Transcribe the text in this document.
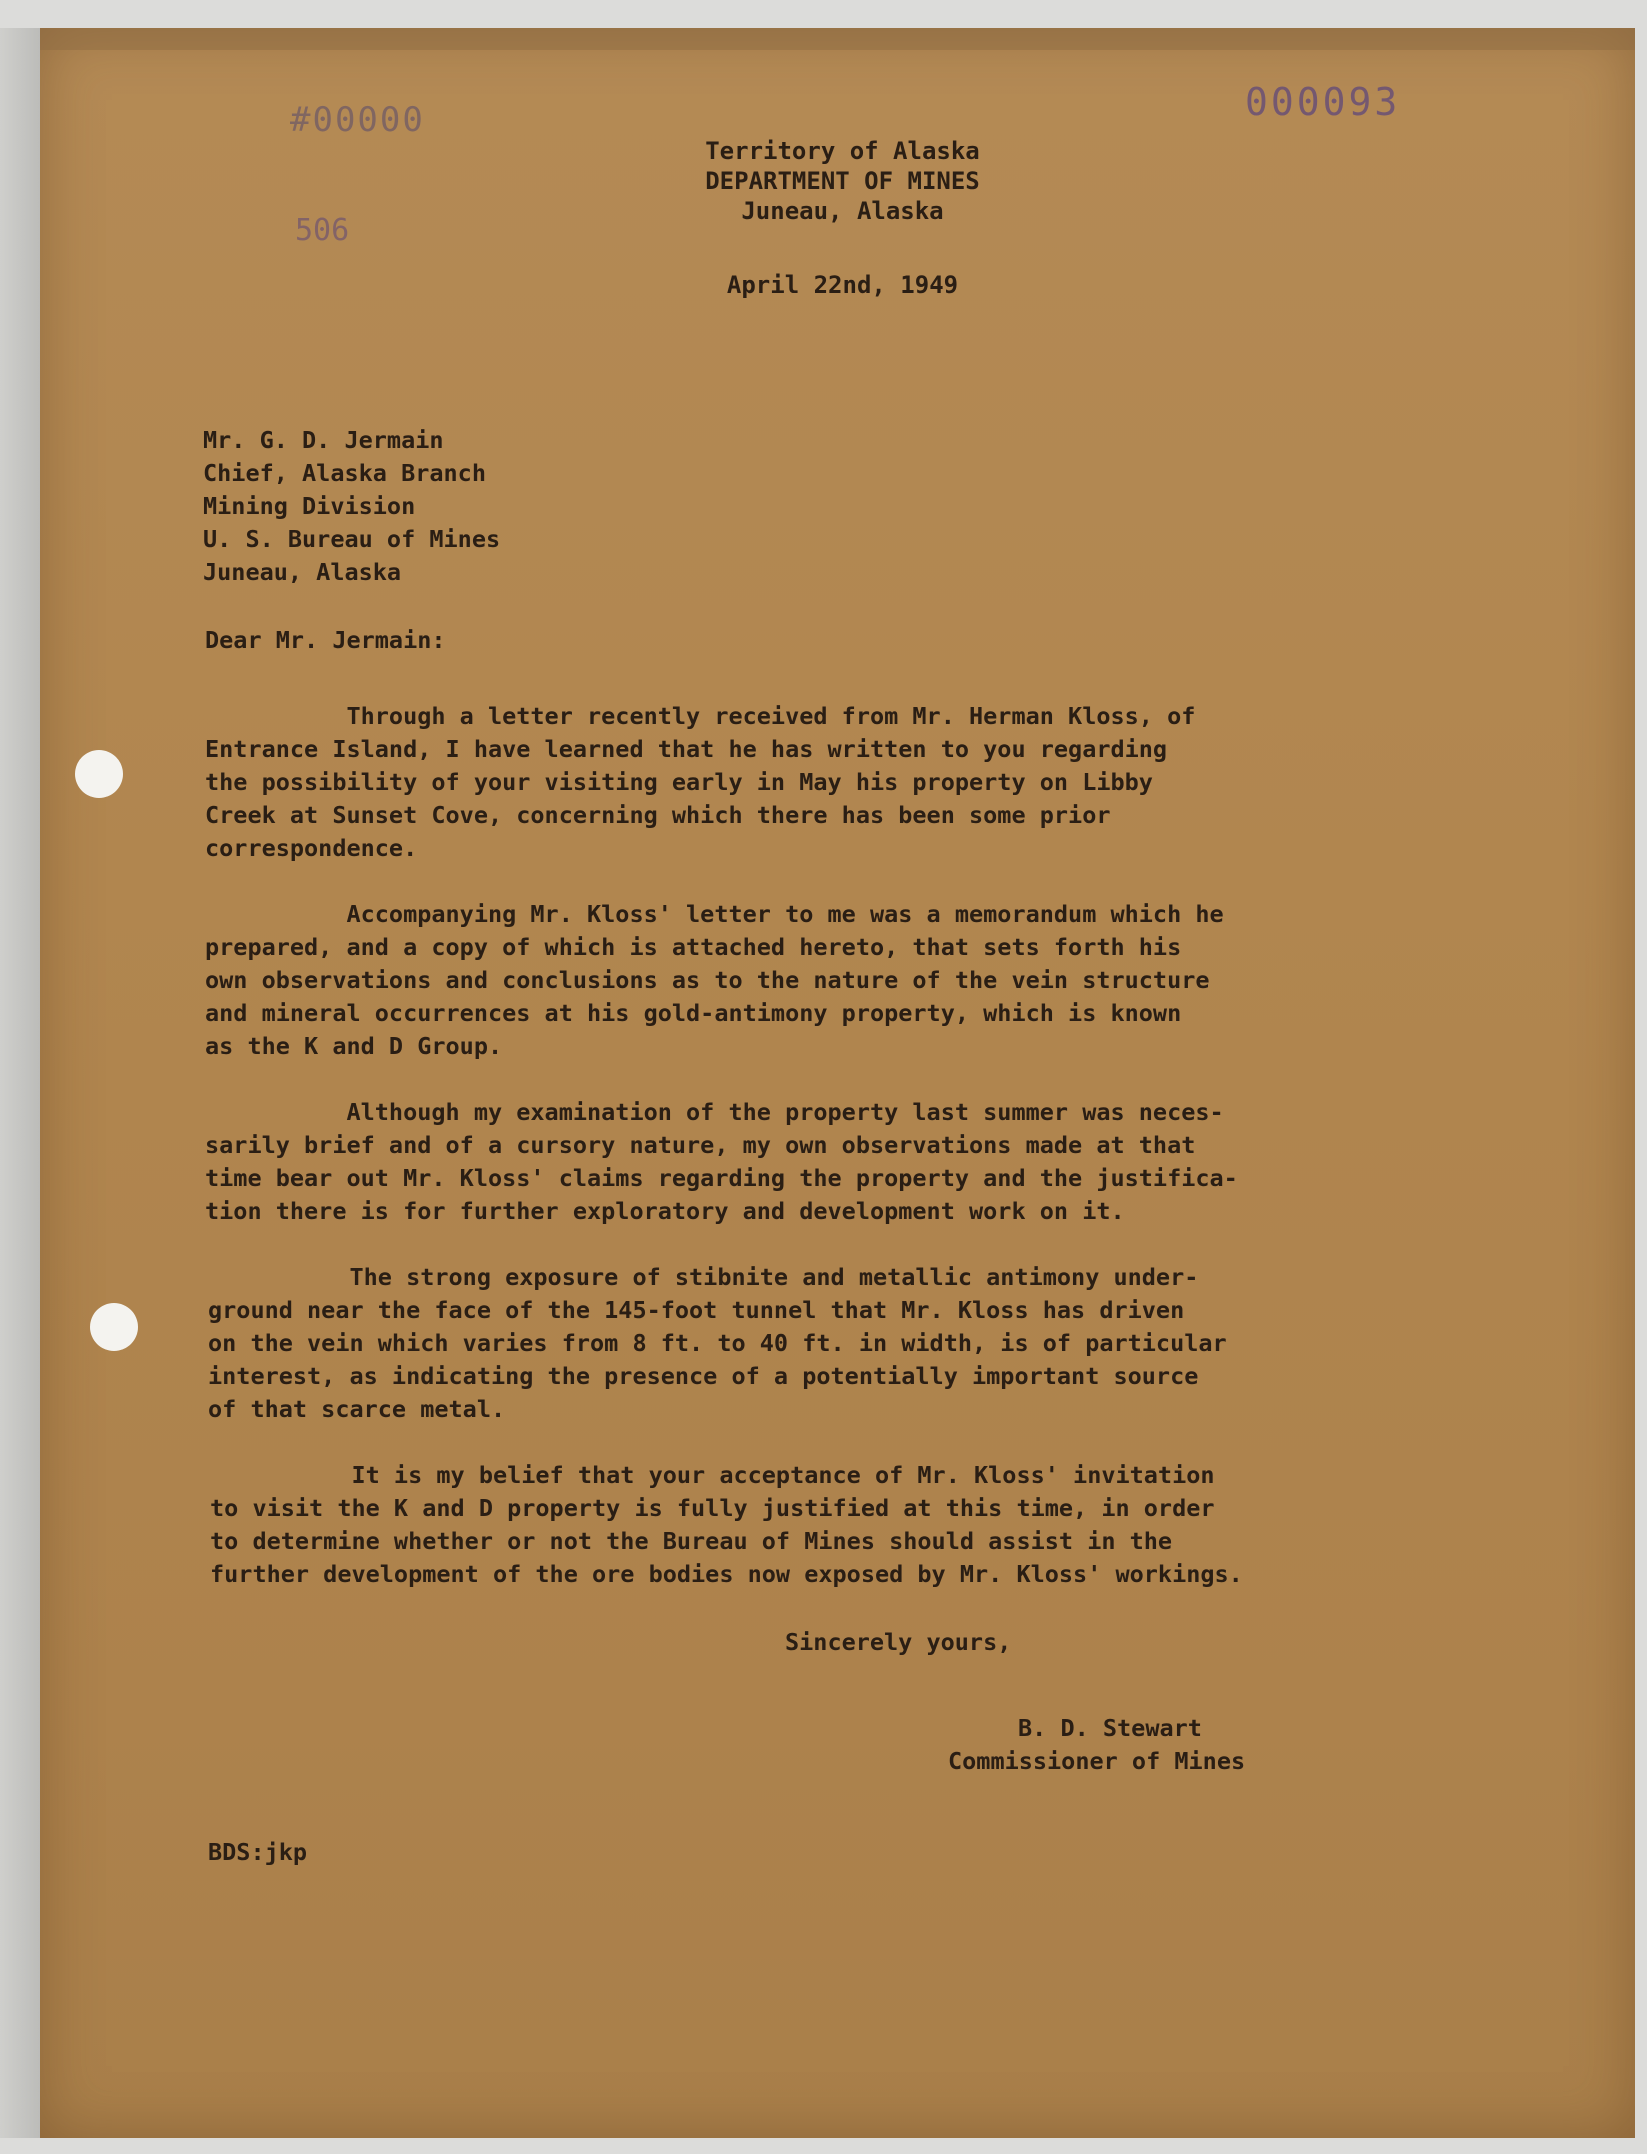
#00000
506
000093
Territory of Alaska
DEPARTMENT OF MINES
Juneau, Alaska
April 22nd, 1949
Mr. G. D. Jermain
Chief, Alaska Branch
Mining Division
U. S. Bureau of Mines
Juneau, Alaska
Dear Mr. Jermain:
Through a letter recently received from Mr. Herman Kloss, of
Entrance Island, I have learned that he has written to you regarding
the possibility of your visiting early in May his property on Libby
Creek at Sunset Cove, concerning which there has been some prior
correspondence.
Accompanying Mr. Kloss' letter to me was a memorandum which he
prepared, and a copy of which is attached hereto, that sets forth his
own observations and conclusions as to the nature of the vein structure
and mineral occurrences at his gold-antimony property, which is known
as the K and D Group.
Although my examination of the property last summer was neces-
sarily brief and of a cursory nature, my own observations made at that
time bear out Mr. Kloss' claims regarding the property and the justifica-
tion there is for further exploratory and development work on it.
The strong exposure of stibnite and metallic antimony under-
ground near the face of the 145-foot tunnel that Mr. Kloss has driven
on the vein which varies from 8 ft. to 40 ft. in width, is of particular
interest, as indicating the presence of a potentially important source
of that scarce metal.
It is my belief that your acceptance of Mr. Kloss' invitation
to visit the K and D property is fully justified at this time, in order
to determine whether or not the Bureau of Mines should assist in the
further development of the ore bodies now exposed by Mr. Kloss' workings.
Sincerely yours,
B. D. Stewart
Commissioner of Mines
BDS:jkp
